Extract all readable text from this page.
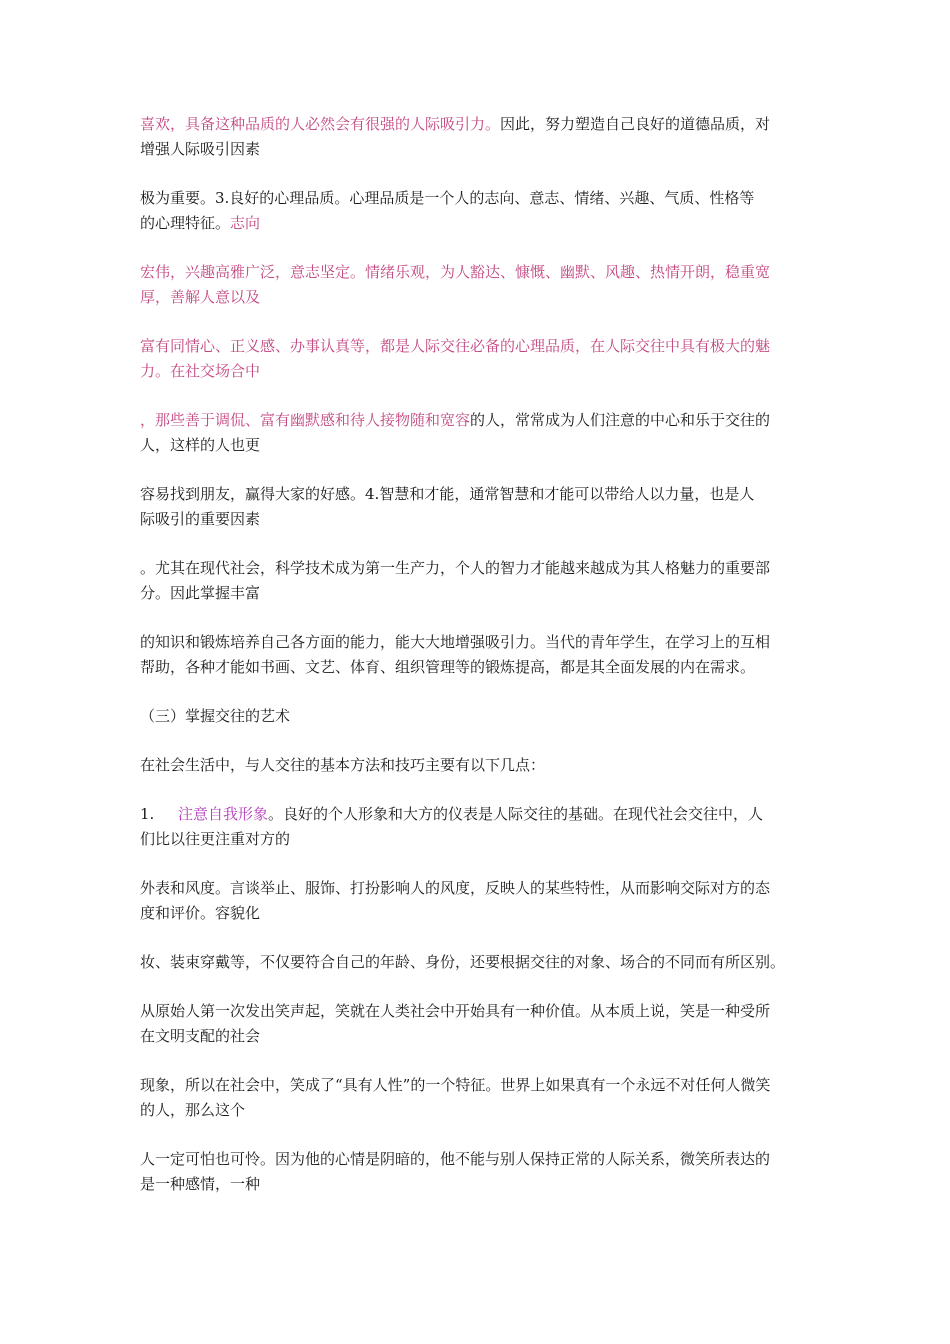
喜欢，具备这种品质的人必然会有很强的人际吸引力。因此，努力塑造自己良好的道德品质，对
增强人际吸引因素
极为重要。3.良好的心理品质。心理品质是一个人的志向、意志、情绪、兴趣、气质、性格等
的心理特征。志向
宏伟，兴趣高雅广泛，意志坚定。情绪乐观，为人豁达、慷慨、幽默、风趣、热情开朗，稳重宽
厚，善解人意以及
富有同情心、正义感、办事认真等，都是人际交往必备的心理品质，在人际交往中具有极大的魅
力。在社交场合中
，那些善于调侃、富有幽默感和待人接物随和宽容的人，常常成为人们注意的中心和乐于交往的
人，这样的人也更
容易找到朋友，赢得大家的好感。4.智慧和才能，通常智慧和才能可以带给人以力量，也是人
际吸引的重要因素
。尤其在现代社会，科学技术成为第一生产力，个人的智力才能越来越成为其人格魅力的重要部
分。因此掌握丰富
的知识和锻炼培养自己各方面的能力，能大大地增强吸引力。当代的青年学生，在学习上的互相
帮助，各种才能如书画、文艺、体育、组织管理等的锻炼提高，都是其全面发展的内在需求。
（三）掌握交往的艺术
在社会生活中，与人交往的基本方法和技巧主要有以下几点：
1. 注意自我形象。良好的个人形象和大方的仪表是人际交往的基础。在现代社会交往中，人
们比以往更注重对方的
外表和风度。言谈举止、服饰、打扮影响人的风度，反映人的某些特性，从而影响交际对方的态
度和评价。容貌化
妆、装束穿戴等，不仅要符合自己的年龄、身份，还要根据交往的对象、场合的不同而有所区别。
从原始人第一次发出笑声起，笑就在人类社会中开始具有一种价值。从本质上说，笑是一种受所
在文明支配的社会
现象，所以在社会中，笑成了“具有人性”的一个特征。世界上如果真有一个永远不对任何人微笑
的人，那么这个
人一定可怕也可怜。因为他的心情是阴暗的，他不能与别人保持正常的人际关系，微笑所表达的
是一种感情，一种
